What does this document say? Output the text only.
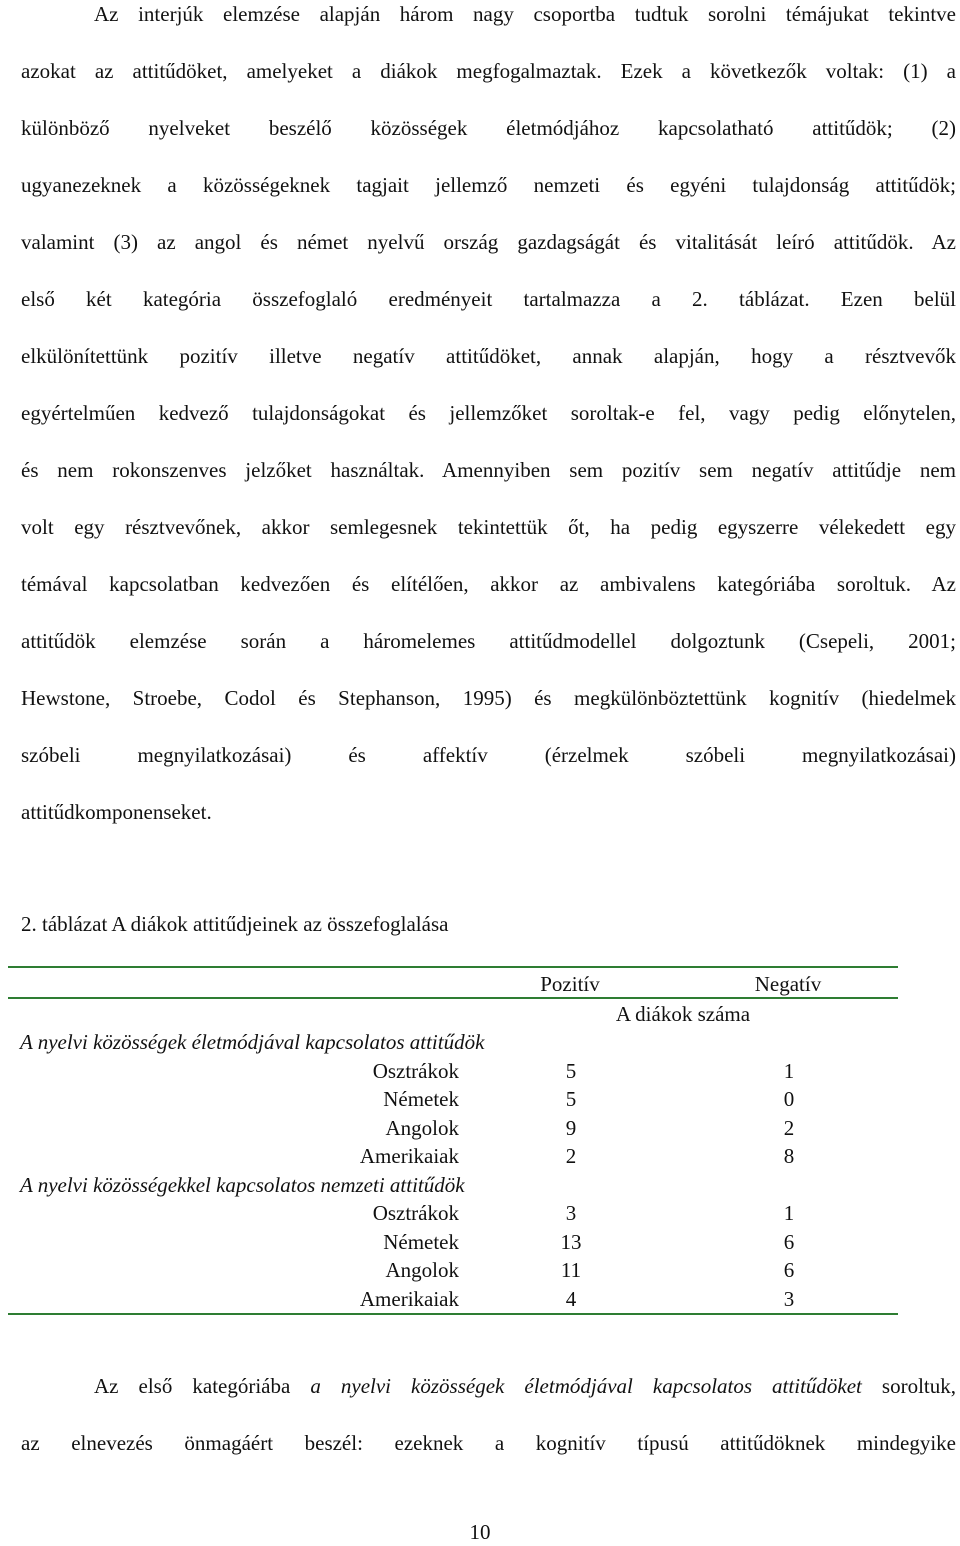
Az interjúk elemzése alapján három nagy csoportba tudtuk sorolni témájukat tekintve
azokat az attitűdöket, amelyeket a diákok megfogalmaztak. Ezek a következők voltak: (1) a
különböző nyelveket beszélő közösségek életmódjához kapcsolatható attitűdök; (2)
ugyanezeknek a közösségeknek tagjait jellemző nemzeti és egyéni tulajdonság attitűdök;
valamint (3) az angol és német nyelvű ország gazdagságát és vitalitását leíró attitűdök. Az
első két kategória összefoglaló eredményeit tartalmazza a 2. táblázat. Ezen belül
elkülönítettünk pozitív illetve negatív attitűdöket, annak alapján, hogy a résztvevők
egyértelműen kedvező tulajdonságokat és jellemzőket soroltak-e fel, vagy pedig előnytelen,
és nem rokonszenves jelzőket használtak. Amennyiben sem pozitív sem negatív attitűdje nem
volt egy résztvevőnek, akkor semlegesnek tekintettük őt, ha pedig egyszerre vélekedett egy
témával kapcsolatban kedvezően és elítélően, akkor az ambivalens kategóriába soroltuk. Az
attitűdök elemzése során a háromelemes attitűdmodellel dolgoztunk (Csepeli, 2001;
Hewstone, Stroebe, Codol és Stephanson, 1995) és megkülönböztettünk kognitív (hiedelmek
szóbeli megnyilatkozásai) és affektív (érzelmek szóbeli megnyilatkozásai)
attitűdkomponenseket.
2. táblázat A diákok attitűdjeinek az összefoglalása
Pozitív	Negatív
A diákok száma
A nyelvi közösségek életmódjával kapcsolatos attitűdök
Osztrákok	5	1
Németek	5	0
Angolok	9	2
Amerikaiak	2	8
A nyelvi közösségekkel kapcsolatos nemzeti attitűdök
Osztrákok	3	1
Németek	13	6
Angolok	11	6
Amerikaiak	4	3
Az első kategóriába a nyelvi közösségek életmódjával kapcsolatos attitűdöket soroltuk,
az elnevezés önmagáért beszél: ezeknek a kognitív típusú attitűdöknek mindegyike
10
